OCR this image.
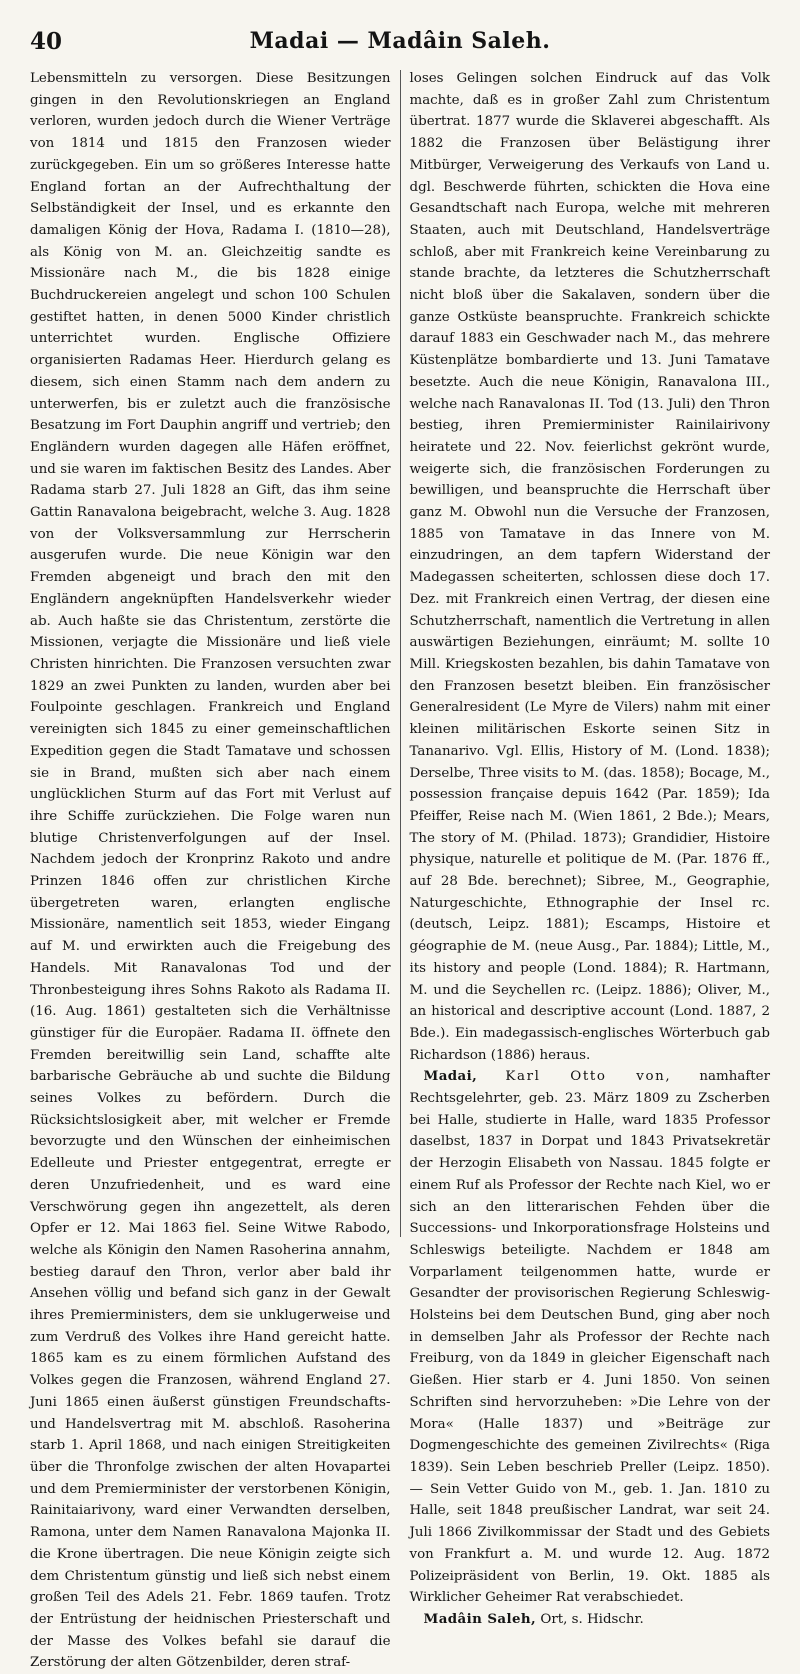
40	Madai — Madâin Saleh.

Lebensmitteln zu versorgen. Diese Besitzungen gingen in den Revolutionskriegen an England verloren, wurden jedoch durch die Wiener Verträge von 1814 und 1815 den Franzosen wieder zurückgegeben. Ein um so größeres Interesse hatte England fortan an der Aufrechthaltung der Selbständigkeit der Insel, und es erkannte den damaligen König der Hova, Radama I. (1810—28), als König von M. an. Gleichzeitig sandte es Missionäre nach M., die bis 1828 einige Buchdruckereien angelegt und schon 100 Schulen gestiftet hatten, in denen 5000 Kinder christlich unterrichtet wurden. Englische Offiziere organisierten Radamas Heer. Hierdurch gelang es diesem, sich einen Stamm nach dem andern zu unterwerfen, bis er zuletzt auch die französische Besatzung im Fort Dauphin angriff und vertrieb; den Engländern wurden dagegen alle Häfen eröffnet, und sie waren im faktischen Besitz des Landes. Aber Radama starb 27. Juli 1828 an Gift, das ihm seine Gattin Ranavalona beigebracht, welche 3. Aug. 1828 von der Volksversammlung zur Herrscherin ausgerufen wurde. Die neue Königin war den Fremden abgeneigt und brach den mit den Engländern angeknüpften Handelsverkehr wieder ab. Auch haßte sie das Christentum, zerstörte die Missionen, verjagte die Missionäre und ließ viele Christen hinrichten. Die Franzosen versuchten zwar 1829 an zwei Punkten zu landen, wurden aber bei Foulpointe geschlagen. Frankreich und England vereinigten sich 1845 zu einer gemeinschaftlichen Expedition gegen die Stadt Tamatave und schossen sie in Brand, mußten sich aber nach einem unglücklichen Sturm auf das Fort mit Verlust auf ihre Schiffe zurückziehen. Die Folge waren nun blutige Christenverfolgungen auf der Insel. Nachdem jedoch der Kronprinz Rakoto und andre Prinzen 1846 offen zur christlichen Kirche übergetreten waren, erlangten englische Missionäre, namentlich seit 1853, wieder Eingang auf M. und erwirkten auch die Freigebung des Handels. Mit Ranavalonas Tod und der Thronbesteigung ihres Sohns Rakoto als Radama II. (16. Aug. 1861) gestalteten sich die Verhältnisse günstiger für die Europäer. Radama II. öffnete den Fremden bereitwillig sein Land, schaffte alte barbarische Gebräuche ab und suchte die Bildung seines Volkes zu befördern. Durch die Rücksichtslosigkeit aber, mit welcher er Fremde bevorzugte und den Wünschen der einheimischen Edelleute und Priester entgegentrat, erregte er deren Unzufriedenheit, und es ward eine Verschwörung gegen ihn angezettelt, als deren Opfer er 12. Mai 1863 fiel. Seine Witwe Rabodo, welche als Königin den Namen Rasoherina annahm, bestieg darauf den Thron, verlor aber bald ihr Ansehen völlig und befand sich ganz in der Gewalt ihres Premierministers, dem sie unklugerweise und zum Verdruß des Volkes ihre Hand gereicht hatte. 1865 kam es zu einem förmlichen Aufstand des Volkes gegen die Franzosen, während England 27. Juni 1865 einen äußerst günstigen Freundschafts- und Handelsvertrag mit M. abschloß. Rasoherina starb 1. April 1868, und nach einigen Streitigkeiten über die Thronfolge zwischen der alten Hovapartei und dem Premierminister der verstorbenen Königin, Rainitaiarivony, ward einer Verwandten derselben, Ramona, unter dem Namen Ranavalona Majonka II. die Krone übertragen. Die neue Königin zeigte sich dem Christentum günstig und ließ sich nebst einem großen Teil des Adels 21. Febr. 1869 taufen. Trotz der Entrüstung der heidnischen Priesterschaft und der Masse des Volkes befahl sie darauf die Zerstörung der alten Götzenbilder, deren straf-

loses Gelingen solchen Eindruck auf das Volk machte, daß es in großer Zahl zum Christentum übertrat. 1877 wurde die Sklaverei abgeschafft. Als 1882 die Franzosen über Belästigung ihrer Mitbürger, Verweigerung des Verkaufs von Land u. dgl. Beschwerde führten, schickten die Hova eine Gesandtschaft nach Europa, welche mit mehreren Staaten, auch mit Deutschland, Handelsverträge schloß, aber mit Frankreich keine Vereinbarung zu stande brachte, da letzteres die Schutzherrschaft nicht bloß über die Sakalaven, sondern über die ganze Ostküste beanspruchte. Frankreich schickte darauf 1883 ein Geschwader nach M., das mehrere Küstenplätze bombardierte und 13. Juni Tamatave besetzte. Auch die neue Königin, Ranavalona III., welche nach Ranavalonas II. Tod (13. Juli) den Thron bestieg, ihren Premierminister Rainilairivony heiratete und 22. Nov. feierlichst gekrönt wurde, weigerte sich, die französischen Forderungen zu bewilligen, und beanspruchte die Herrschaft über ganz M. Obwohl nun die Versuche der Franzosen, 1885 von Tamatave in das Innere von M. einzudringen, an dem tapfern Widerstand der Madegassen scheiterten, schlossen diese doch 17. Dez. mit Frankreich einen Vertrag, der diesen eine Schutzherrschaft, namentlich die Vertretung in allen auswärtigen Beziehungen, einräumt; M. sollte 10 Mill. Kriegskosten bezahlen, bis dahin Tamatave von den Franzosen besetzt bleiben. Ein französischer Generalresident (Le Myre de Vilers) nahm mit einer kleinen militärischen Eskorte seinen Sitz in Tananarivo. Vgl. Ellis, History of M. (Lond. 1838); Derselbe, Three visits to M. (das. 1858); Bocage, M., possession française depuis 1642 (Par. 1859); Ida Pfeiffer, Reise nach M. (Wien 1861, 2 Bde.); Mears, The story of M. (Philad. 1873); Grandidier, Histoire physique, naturelle et politique de M. (Par. 1876 ff., auf 28 Bde. berechnet); Sibree, M., Geographie, Naturgeschichte, Ethnographie der Insel rc. (deutsch, Leipz. 1881); Escamps, Histoire et géographie de M. (neue Ausg., Par. 1884); Little, M., its history and people (Lond. 1884); R. Hartmann, M. und die Seychellen rc. (Leipz. 1886); Oliver, M., an historical and descriptive account (Lond. 1887, 2 Bde.). Ein madegassisch-englisches Wörterbuch gab Richardson (1886) heraus.

Madai, Karl Otto von, namhafter Rechtsgelehrter, geb. 23. März 1809 zu Zscherben bei Halle, studierte in Halle, ward 1835 Professor daselbst, 1837 in Dorpat und 1843 Privatsekretär der Herzogin Elisabeth von Nassau. 1845 folgte er einem Ruf als Professor der Rechte nach Kiel, wo er sich an den litterarischen Fehden über die Successions- und Inkorporationsfrage Holsteins und Schleswigs beteiligte. Nachdem er 1848 am Vorparlament teilgenommen hatte, wurde er Gesandter der provisorischen Regierung Schleswig-Holsteins bei dem Deutschen Bund, ging aber noch in demselben Jahr als Professor der Rechte nach Freiburg, von da 1849 in gleicher Eigenschaft nach Gießen. Hier starb er 4. Juni 1850. Von seinen Schriften sind hervorzuheben: »Die Lehre von der Mora« (Halle 1837) und »Beiträge zur Dogmengeschichte des gemeinen Zivilrechts« (Riga 1839). Sein Leben beschrieb Preller (Leipz. 1850). — Sein Vetter Guido von M., geb. 1. Jan. 1810 zu Halle, seit 1848 preußischer Landrat, war seit 24. Juli 1866 Zivilkommissar der Stadt und des Gebiets von Frankfurt a. M. und wurde 12. Aug. 1872 Polizeipräsident von Berlin, 19. Okt. 1885 als Wirklicher Geheimer Rat verabschiedet.

Madâin Saleh, Ort, s. Hidschr.
